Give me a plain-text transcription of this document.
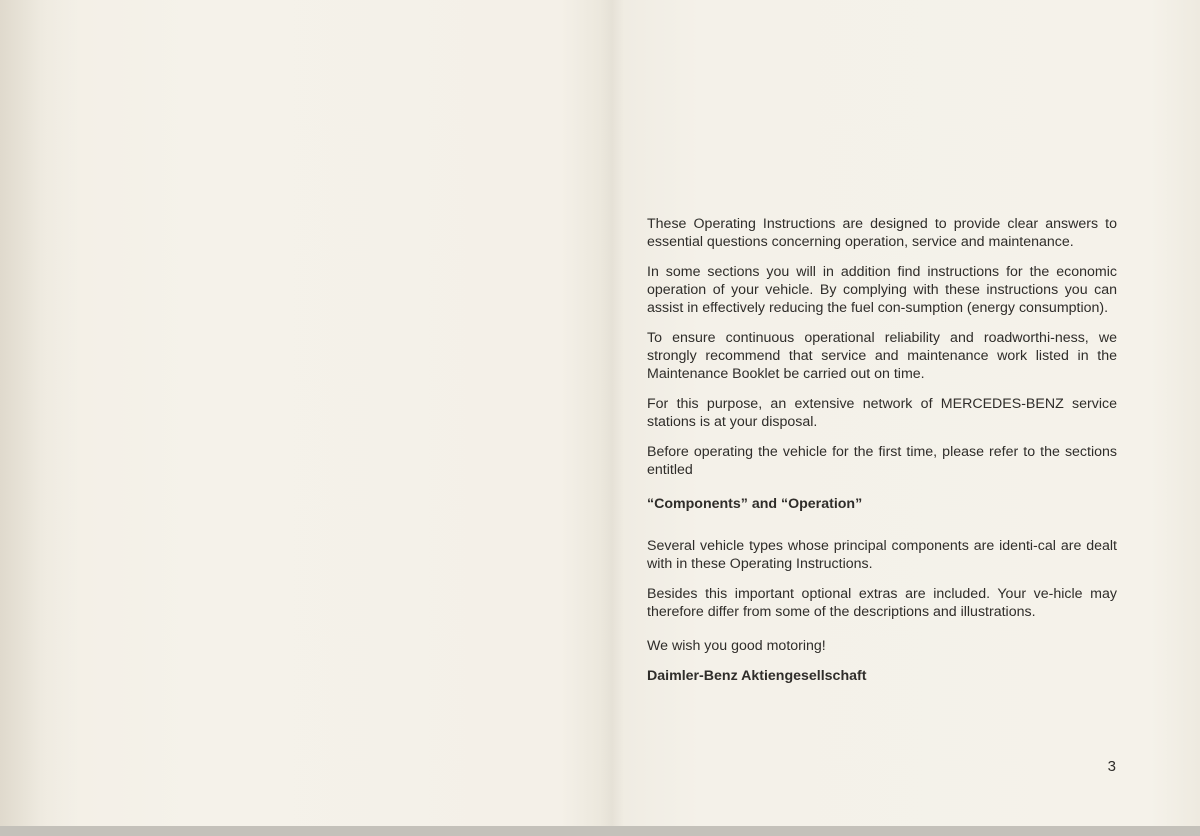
These Operating Instructions are designed to provide clear answers to essential questions concerning operation, service and maintenance.

In some sections you will in addition find instructions for the economic operation of your vehicle. By complying with these instructions you can assist in effectively reducing the fuel con-sumption (energy consumption).

To ensure continuous operational reliability and roadworthi-ness, we strongly recommend that service and maintenance work listed in the Maintenance Booklet be carried out on time.

For this purpose, an extensive network of MERCEDES-BENZ service stations is at your disposal.

Before operating the vehicle for the first time, please refer to the sections entitled

“Components” and “Operation”

Several vehicle types whose principal components are identi-cal are dealt with in these Operating Instructions.

Besides this important optional extras are included. Your ve-hicle may therefore differ from some of the descriptions and illustrations.

We wish you good motoring!

Daimler-Benz Aktiengesellschaft

3
